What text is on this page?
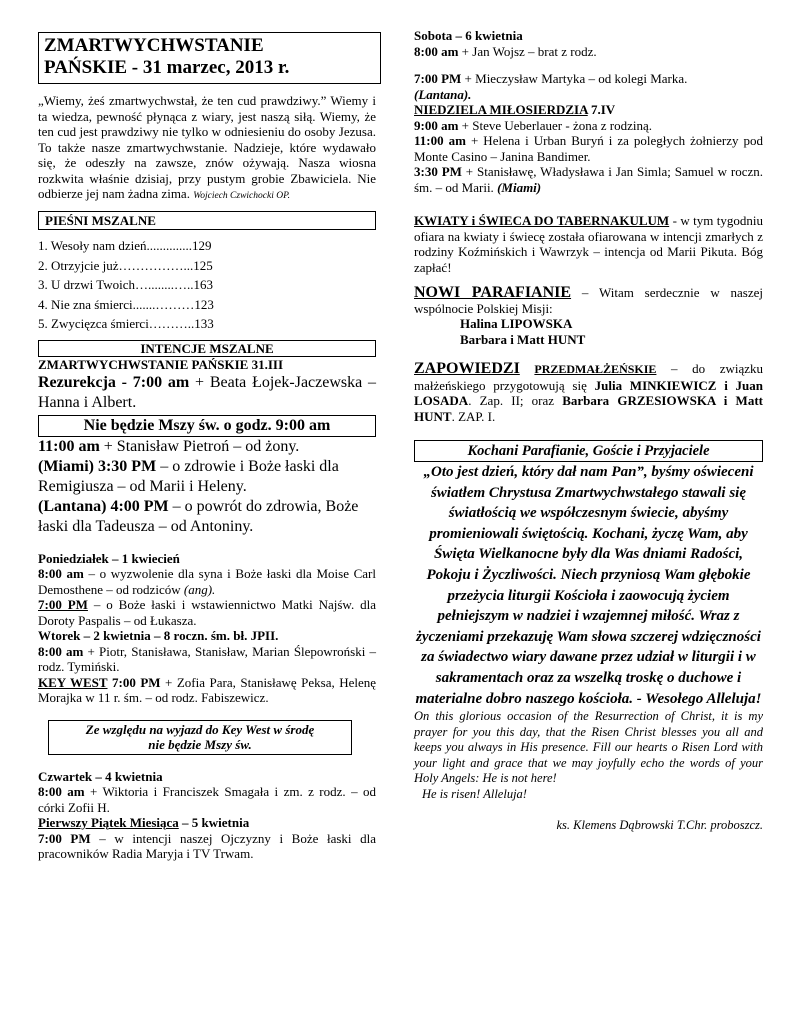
ZMARTWYCHWSTANIE
PAŃSKIE - 31 marzec, 2013 r.

„Wiemy, żeś zmartwychwstał, że ten cud prawdziwy.” Wiemy i ta wiedza, pewność płynąca z wiary, jest naszą siłą. Wiemy, że ten cud jest prawdziwy nie tylko w odniesieniu do osoby Jezusa. To także nasze zmartwychwstanie. Nadzieje, które wydawało się, że odeszły na zawsze, znów ożywają. Nasza wiosna rozkwita właśnie dzisiaj, przy pustym grobie Zbawiciela. Nie odbierze jej nam żadna zima. Wojciech Czwichocki OP.

PIEŚNI MSZALNE
1. Wesoły nam dzień..............129
2. Otrzyjcie już……………...125
3. U drzwi Twoich…........…..163
4. Nie zna śmierci.......………123
5. Zwycięzca śmierci………..133
INTENCJE MSZALNE

ZMARTWYCHWSTANIE PAŃSKIE 31.III

Rezurekcja - 7:00 am + Beata Łojek-Jaczewska – Hanna i Albert.

Nie będzie Mszy św. o godz. 9:00 am

11:00 am + Stanisław Pietroń – od żony.

(Miami) 3:30 PM – o zdrowie i Boże łaski dla Remigiusza – od Marii i Heleny.

(Lantana) 4:00 PM – o powrót do zdrowia, Boże łaski dla Tadeusza – od Antoniny.

Poniedziałek – 1 kwiecień

8:00 am – o wyzwolenie dla syna i Boże łaski dla Moise Carl Demosthene – od rodziców (ang).

7:00 PM – o Boże łaski i wstawiennictwo Matki Najśw. dla Doroty Paspalis – od Łukasza.

Wtorek – 2 kwietnia – 8 roczn. śm. bł. JPII.

8:00 am + Piotr, Stanisława, Stanisław, Marian Ślepowroński – rodz. Tymiński.

KEY WEST 7:00 PM + Zofia Para, Stanisławę Peksa, Helenę Morajka w 11 r. śm. – od rodz. Fabiszewicz.

Ze względu na wyjazd do Key West w środę
nie będzie Mszy św.

Czwartek – 4 kwietnia

8:00 am + Wiktoria i Franciszek Smagała i zm. z rodz. – od córki Zofii H.

Pierwszy Piątek Miesiąca – 5 kwietnia

7:00 PM – w intencji naszej Ojczyzny i Boże łaski dla pracowników Radia Maryja i TV Trwam.

Sobota – 6 kwietnia

8:00 am + Jan Wojsz – brat z rodz.

7:00 PM + Mieczysław Martyka – od kolegi Marka.
(Lantana).

NIEDZIELA MIŁOSIERDZIA 7.IV

9:00 am + Steve Ueberlauer - żona z rodziną.

11:00 am + Helena i Urban Buryń i za poległych żołnierzy pod Monte Casino – Janina Bandimer.

3:30 PM + Stanisławę, Władysława i Jan Simla; Samuel w roczn. śm. – od Marii. (Miami)

KWIATY i ŚWIECA DO TABERNAKULUM - w tym tygodniu ofiara na kwiaty i świecę została ofiarowana w intencji zmarłych z rodziny Koźmińskich i Wawrzyk – intencja od Marii Pikuta. Bóg zapłać!

NOWI PARAFIANIE – Witam serdecznie w naszej wspólnocie Polskiej Misji:

Halina LIPOWSKA

Barbara i Matt HUNT

ZAPOWIEDZI PRZEDMAŁŻEŃSKIE – do związku małżeńskiego przygotowują się Julia MINKIEWICZ i Juan LOSADA. Zap. II; oraz Barbara GRZESIOWSKA i Matt HUNT. ZAP. I.

Kochani Parafianie, Goście i Przyjaciele

„Oto jest dzień, który dał nam Pan”, byśmy oświeceni światłem Chrystusa Zmartwychwstałego stawali się światłością we współczesnym świecie, abyśmy promieniowali świętością. Kochani, życzę Wam, aby Święta Wielkanocne były dla Was dniami Radości, Pokoju i Życzliwości. Niech przyniosą Wam głębokie przeżycia liturgii Kościoła i zaowocują życiem pełniejszym w nadziei i wzajemnej miłość. Wraz z życzeniami przekazuję Wam słowa szczerej wdzięczności za świadectwo wiary dawane przez udział w liturgii i w sakramentach oraz za wszelką troskę o duchowe i materialne dobro naszego kościoła. - Wesołego Alleluja!

On this glorious occasion of the Resurrection of Christ, it is my prayer for you this day, that the Risen Christ blesses you all and keeps you always in His presence. Fill our hearts o Risen Lord with your light and grace that we may joyfully echo the words of your Holy Angels: He is not here!

He is risen! Alleluja!

ks. Klemens Dąbrowski T.Chr. proboszcz.
